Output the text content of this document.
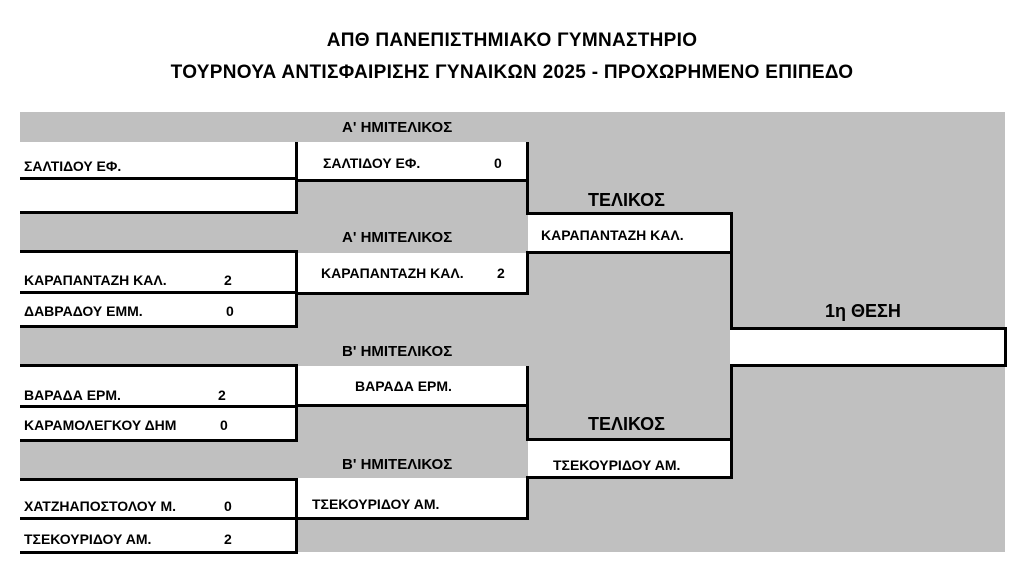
ΑΠΘ ΠΑΝΕΠΙΣΤΗΜΙΑΚΟ ΓΥΜΝΑΣΤΗΡΙΟ
ΤΟΥΡΝΟΥΑ ΑΝΤΙΣΦΑΙΡΙΣΗΣ ΓΥΝΑΙΚΩΝ 2025 - ΠΡΟΧΩΡΗΜΕΝΟ ΕΠΙΠΕΔΟ
ΣΑΛΤΙΔΟΥ ΕΦ.
ΚΑΡΑΠΑΝΤΑΖΗ ΚΑΛ.	2
ΔΑΒΡΑΔΟΥ ΕΜΜ.	0
ΒΑΡΑΔΑ ΕΡΜ.	2
ΚΑΡΑΜΟΛΕΓΚΟΥ ΔΗΜ	0
ΧΑΤΖΗΑΠΟΣΤΟΛΟΥ Μ.	0
ΤΣΕΚΟΥΡΙΔΟΥ ΑΜ.	2
Α' ΗΜΙΤΕΛΙΚΟΣ
Α' ΗΜΙΤΕΛΙΚΟΣ
Β' ΗΜΙΤΕΛΙΚΟΣ
Β' ΗΜΙΤΕΛΙΚΟΣ
ΣΑΛΤΙΔΟΥ ΕΦ.	0
ΚΑΡΑΠΑΝΤΑΖΗ ΚΑΛ. 2
ΒΑΡΑΔΑ ΕΡΜ.
ΤΣΕΚΟΥΡΙΔΟΥ ΑΜ.
ΤΕΛΙΚΟΣ
ΤΕΛΙΚΟΣ
ΚΑΡΑΠΑΝΤΑΖΗ ΚΑΛ.
ΤΣΕΚΟΥΡΙΔΟΥ ΑΜ.
1η ΘΕΣΗ
